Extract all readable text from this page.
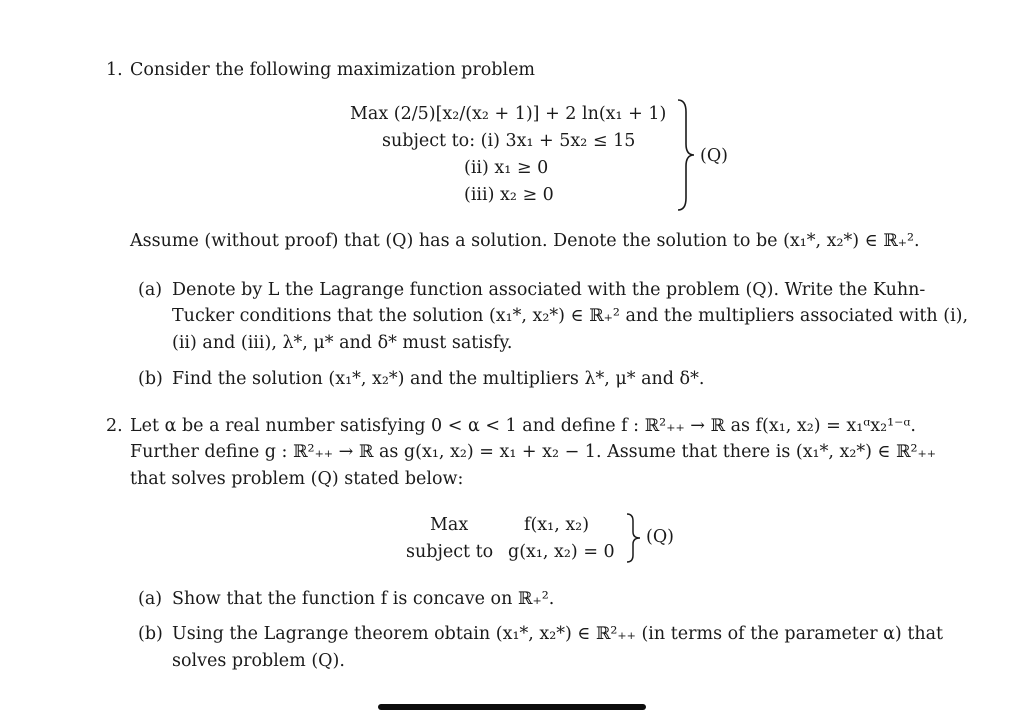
1. Consider the following maximization problem
Max (2/5)[x₂/(x₂ + 1)] + 2 ln(x₁ + 1)
subject to: (i) 3x₁ + 5x₂ ≤ 15
(ii) x₁ ≥ 0
(iii) x₂ ≥ 0
(Q)
Assume (without proof) that (Q) has a solution. Denote the solution to be (x₁*, x₂*) ∈ ℝ₊².
(a) Denote by L the Lagrange function associated with the problem (Q). Write the Kuhn-
Tucker conditions that the solution (x₁*, x₂*) ∈ ℝ₊² and the multipliers associated with (i),
(ii) and (iii), λ*, μ* and δ* must satisfy.
(b) Find the solution (x₁*, x₂*) and the multipliers λ*, μ* and δ*.
2. Let α be a real number satisfying 0 < α < 1 and define f : ℝ²₊₊ → ℝ as f(x₁, x₂) = x₁ᵅx₂¹⁻ᵅ.
Further define g : ℝ²₊₊ → ℝ as g(x₁, x₂) = x₁ + x₂ − 1. Assume that there is (x₁*, x₂*) ∈ ℝ²₊₊
that solves problem (Q) stated below:
Max	f(x₁, x₂)
subject to g(x₁, x₂) = 0
(Q)
(a) Show that the function f is concave on ℝ₊².
(b) Using the Lagrange theorem obtain (x₁*, x₂*) ∈ ℝ²₊₊ (in terms of the parameter α) that
solves problem (Q).
